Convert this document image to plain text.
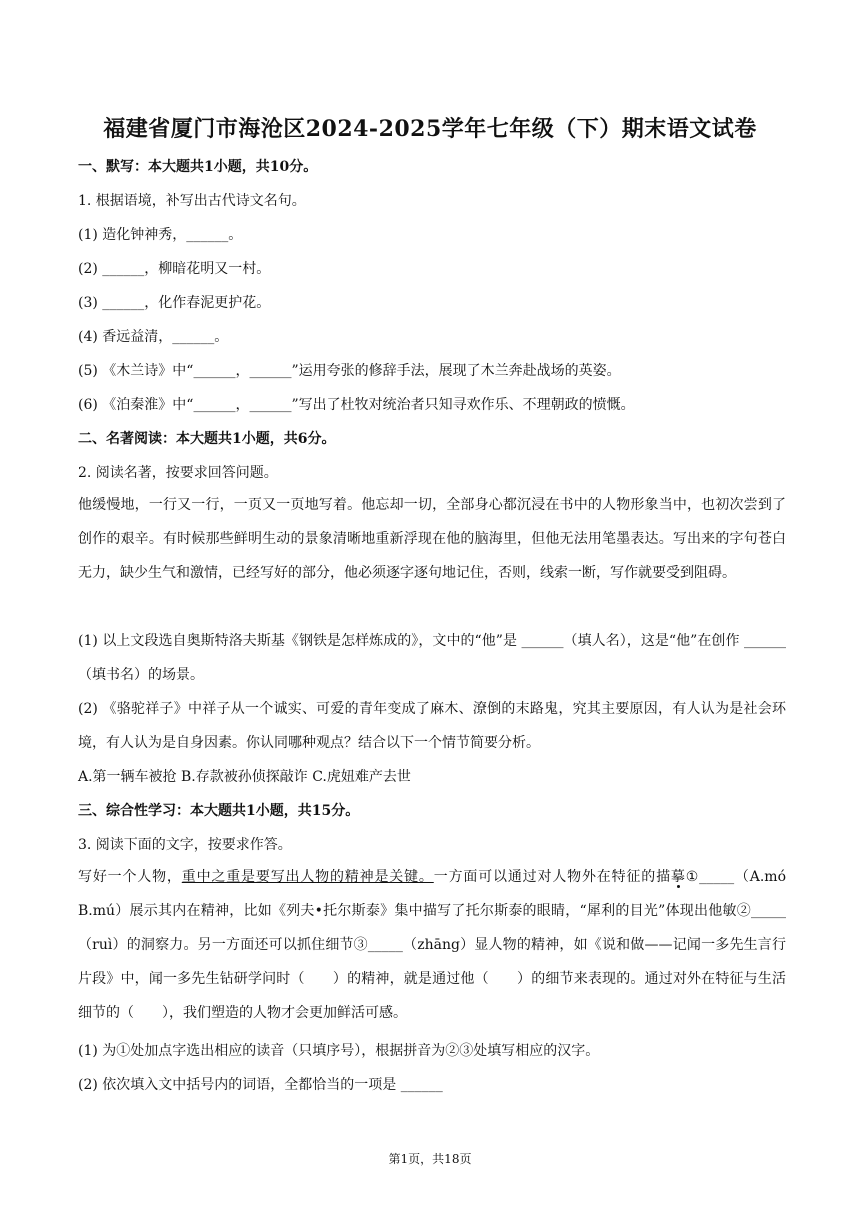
福建省厦门市海沧区2024-2025学年七年级（下）期末语文试卷
一、默写：本大题共1小题，共10分。
1. 根据语境，补写出古代诗文名句。
(1) 造化钟神秀，______。
(2) ______，柳暗花明又一村。
(3) ______，化作春泥更护花。
(4) 香远益清，______。
(5) 《木兰诗》中“______，______”运用夸张的修辞手法，展现了木兰奔赴战场的英姿。
(6) 《泊秦淮》中“______，______”写出了杜牧对统治者只知寻欢作乐、不理朝政的愤慨。
二、名著阅读：本大题共1小题，共6分。
2. 阅读名著，按要求回答问题。
他缓慢地，一行又一行，一页又一页地写着。他忘却一切，全部身心都沉浸在书中的人物形象当中，也初次尝到了创作的艰辛。有时候那些鲜明生动的景象清晰地重新浮现在他的脑海里，但他无法用笔墨表达。写出来的字句苍白无力，缺少生气和激情，已经写好的部分，他必须逐字逐句地记住，否则，线索一断，写作就要受到阻碍。
(1) 以上文段选自奥斯特洛夫斯基《钢铁是怎样炼成的》，文中的“他”是 ______（填人名），这是“他”在创作 ______（填书名）的场景。
(2) 《骆驼祥子》中祥子从一个诚实、可爱的青年变成了麻木、潦倒的末路鬼，究其主要原因，有人认为是社会环境，有人认为是自身因素。你认同哪种观点？结合以下一个情节简要分析。
A.第一辆车被抢 B.存款被孙侦探敲诈 C.虎妞难产去世
三、综合性学习：本大题共1小题，共15分。
3. 阅读下面的文字，按要求作答。
写好一个人物，重中之重是要写出人物的精神是关键。一方面可以通过对人物外在特征的描摹①_____（A.mó B.mú）展示其内在精神，比如《列夫•托尔斯泰》集中描写了托尔斯泰的眼睛，“犀利的目光”体现出他敏②_____（ruì）的洞察力。另一方面还可以抓住细节③_____（zhāng）显人物的精神，如《说和做——记闻一多先生言行片段》中，闻一多先生钻研学问时（　　）的精神，就是通过他（　　）的细节来表现的。通过对外在特征与生活细节的（　　），我们塑造的人物才会更加鲜活可感。
(1) 为①处加点字选出相应的读音（只填序号），根据拼音为②③处填写相应的汉字。
(2) 依次填入文中括号内的词语，全都恰当的一项是 ______
第1页，共18页
